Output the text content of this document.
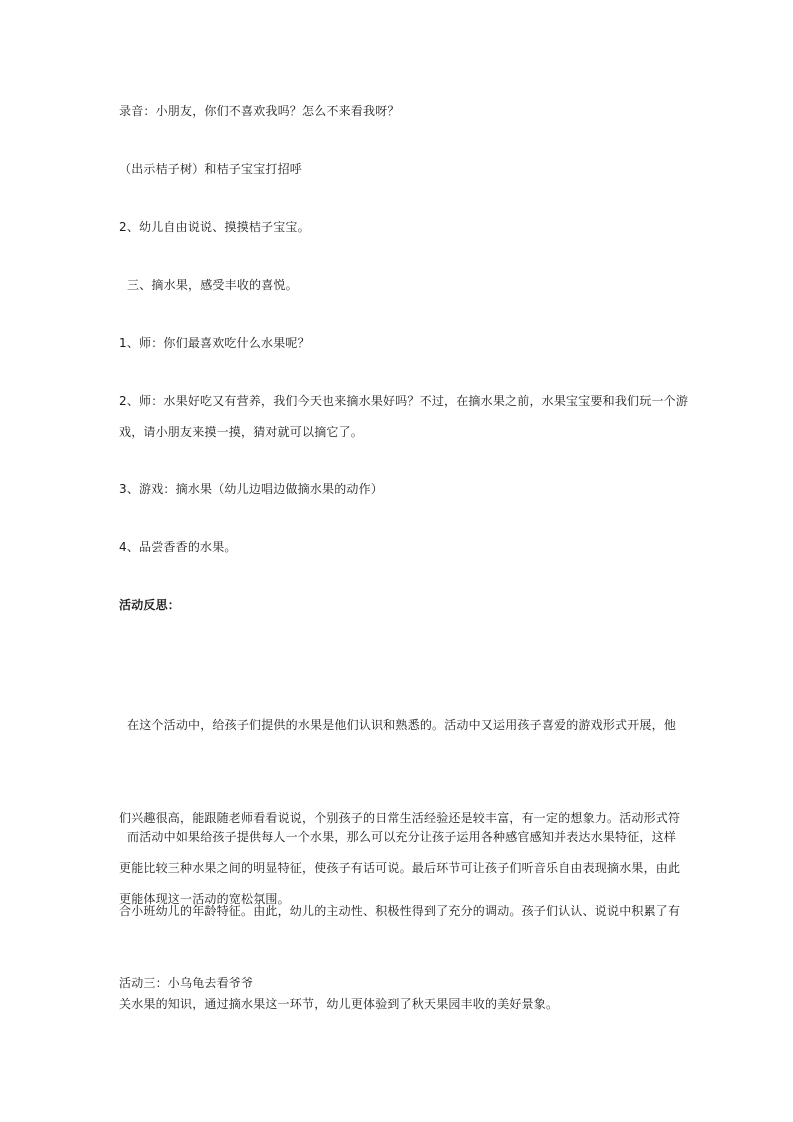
录音：小朋友，你们不喜欢我吗？怎么不来看我呀？
（出示桔子树）和桔子宝宝打招呼
2、幼儿自由说说、摸摸桔子宝宝。
三、摘水果，感受丰收的喜悦。
1、师：你们最喜欢吃什么水果呢？
2、师：水果好吃又有营养，我们今天也来摘水果好吗？不过，在摘水果之前，水果宝宝要和我们玩一个游
戏，请小朋友来摸一摸，猜对就可以摘它了。
3、游戏：摘水果（幼儿边唱边做摘水果的动作）
4、品尝香香的水果。
活动反思：

在这个活动中，给孩子们提供的水果是他们认识和熟悉的。活动中又运用孩子喜爱的游戏形式开展，他

们兴趣很高，能跟随老师看看说说，个别孩子的日常生活经验还是较丰富，有一定的想象力。活动形式符

合小班幼儿的年龄特征。由此，幼儿的主动性、积极性得到了充分的调动。孩子们认认、说说中积累了有

关水果的知识，通过摘水果这一环节，幼儿更体验到了秋天果园丰收的美好景象。

而活动中如果给孩子提供每人一个水果，那么可以充分让孩子运用各种感官感知并表达水果特征，这样
更能比较三种水果之间的明显特征，使孩子有话可说。最后环节可让孩子们听音乐自由表现摘水果，由此
更能体现这一活动的宽松氛围。
活动三：小乌龟去看爷爷
